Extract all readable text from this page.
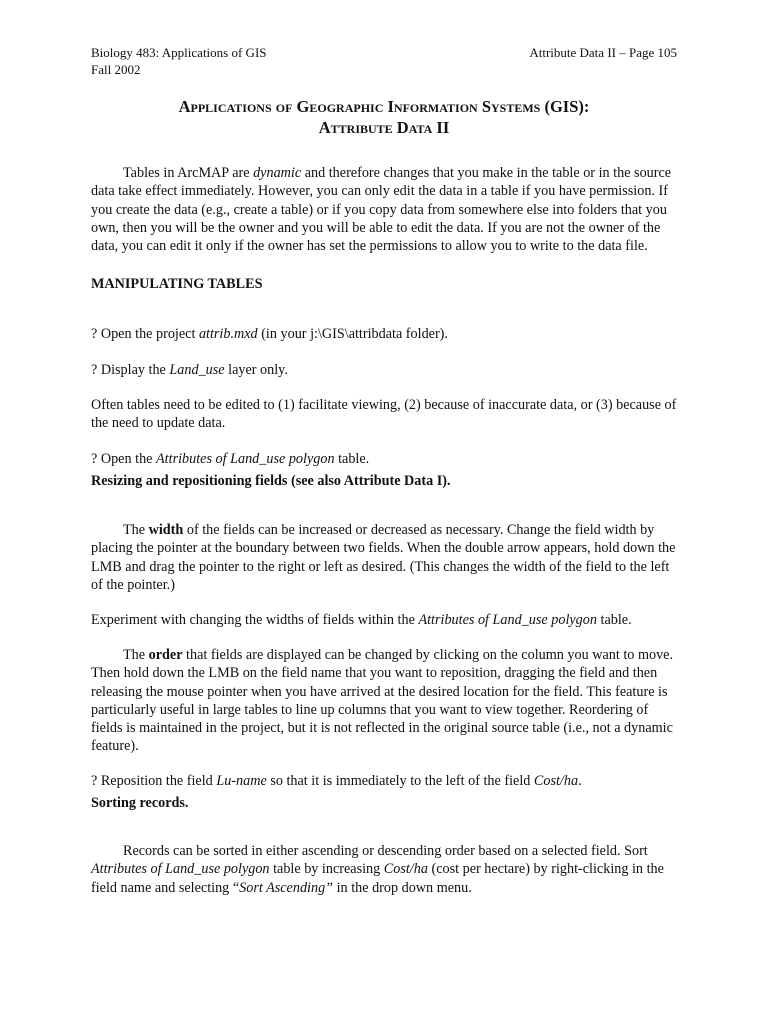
Biology 483: Applications of GIS
Fall 2002
Attribute Data II – Page 105
Applications of Geographic Information Systems (GIS):
Attribute Data II

Tables in ArcMAP are dynamic and therefore changes that you make in the table or in the source data take effect immediately. However, you can only edit the data in a table if you have permission. If you create the data (e.g., create a table) or if you copy data from somewhere else into folders that you own, then you will be the owner and you will be able to edit the data. If you are not the owner of the data, you can edit it only if the owner has set the permissions to allow you to write to the data file.

MANIPULATING TABLES

? Open the project attrib.mxd (in your j:\GIS\attribdata folder).

? Display the Land_use layer only.

Often tables need to be edited to (1) facilitate viewing, (2) because of inaccurate data, or (3) because of the need to update data.

? Open the Attributes of Land_use polygon table.

Resizing and repositioning fields (see also Attribute Data I).

The width of the fields can be increased or decreased as necessary. Change the field width by placing the pointer at the boundary between two fields. When the double arrow appears, hold down the LMB and drag the pointer to the right or left as desired. (This changes the width of the field to the left of the pointer.)

Experiment with changing the widths of fields within the Attributes of Land_use polygon table.

The order that fields are displayed can be changed by clicking on the column you want to move. Then hold down the LMB on the field name that you want to reposition, dragging the field and then releasing the mouse pointer when you have arrived at the desired location for the field. This feature is particularly useful in large tables to line up columns that you want to view together. Reordering of fields is maintained in the project, but it is not reflected in the original source table (i.e., not a dynamic feature).

? Reposition the field Lu-name so that it is immediately to the left of the field Cost/ha.

Sorting records.

Records can be sorted in either ascending or descending order based on a selected field. Sort Attributes of Land_use polygon table by increasing Cost/ha (cost per hectare) by right-clicking in the field name and selecting “Sort Ascending” in the drop down menu.
